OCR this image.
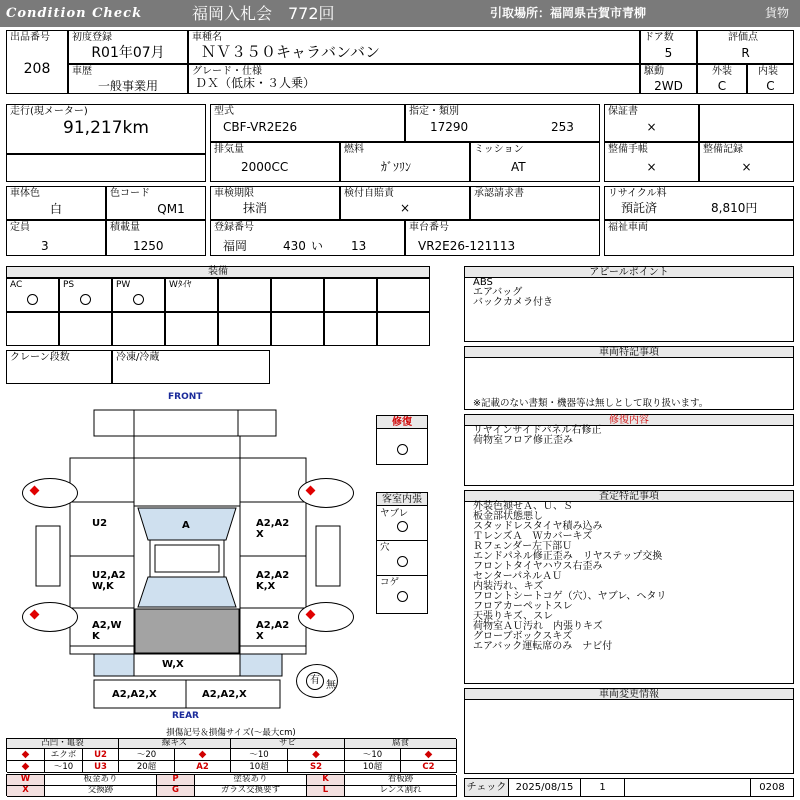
Condition Check	福岡入札会　772回	引取場所：福岡県古賀市青柳	貨物
出品番号
208
初度登録
R01年07月
車種名
ＮＶ３５０キャラバンバン
ドア数
5
評価点
R
車歴
一般事業用
グレード・仕様
ＤＸ（低床・３人乗）
駆動
2WD
外装
C
内装
C
走行(現メーター)
91,217km
型式
CBF-VR2E26
指定・類別
17290	253
排気量
2000CC
燃料
ｶﾞｿﾘﾝ
ミッション
AT
保証書
×
整備手帳
×
整備記録
×
車体色
白
色コード
QM1
定員
3
積載量
1250
車検期限
抹消
検付自賠責
×
承認請求書
登録番号
福岡	430 い 13
車台番号
VR2E26-121113
リサイクル料
預託済	8,810円
福祉車両
装備
AC	PS	PW	Wﾀｲﾔ
クレーン段数	冷凍/冷蔵
アピールポイント
ABS
エアバッグ
バックカメラ付き
車両特記事項
※記載のない書類・機器等は無しとして取り扱います。
修復内容
リヤインサイドパネル右修正
荷物室フロア修正歪み
査定特記事項
外装色褪せＡ、Ｕ、Ｓ
板金部状態悪し
スタッドレスタイヤ積み込み
ＴレンズＡ　Ｗカバーキズ
Ｒフェンダー左下部Ｕ
エンドパネル修正歪み　リヤステップ交換
フロントタイヤハウス右歪み
センターパネルＡＵ
内装汚れ、キズ
フロントシートコゲ（穴）、ヤブレ、ヘタリ
フロアカーペットスレ
天張りキズ、スレ
荷物室ＡＵ汚れ　内張りキズ
グローブボックスキズ
エアバック運転席のみ　ナビ付
車両変更情報
チェック 2025/08/15	1	0208
修復
客室内張
ヤブレ
穴
コゲ
FRONT
REAR
A
U2
U2,A2
W,K
A2,W
K
A2,A2
X
A2,A2
K,X
A2,A2
X
W,X
A2,A2,X	A2,A2,X
有 無
損傷記号＆損傷サイズ(〜最大cm)
凸凹・亀裂	線キズ	サビ	腐食
◆	エクボ	U2	〜20	◆	〜10	◆	〜10	◆
◆	〜10	U3	20超	A2	10超	S2	10超	C2
W	板金あり	P	塗装あり	K	看板跡
X	交換跡	G	ガラス交換要す	L	レンズ割れ
